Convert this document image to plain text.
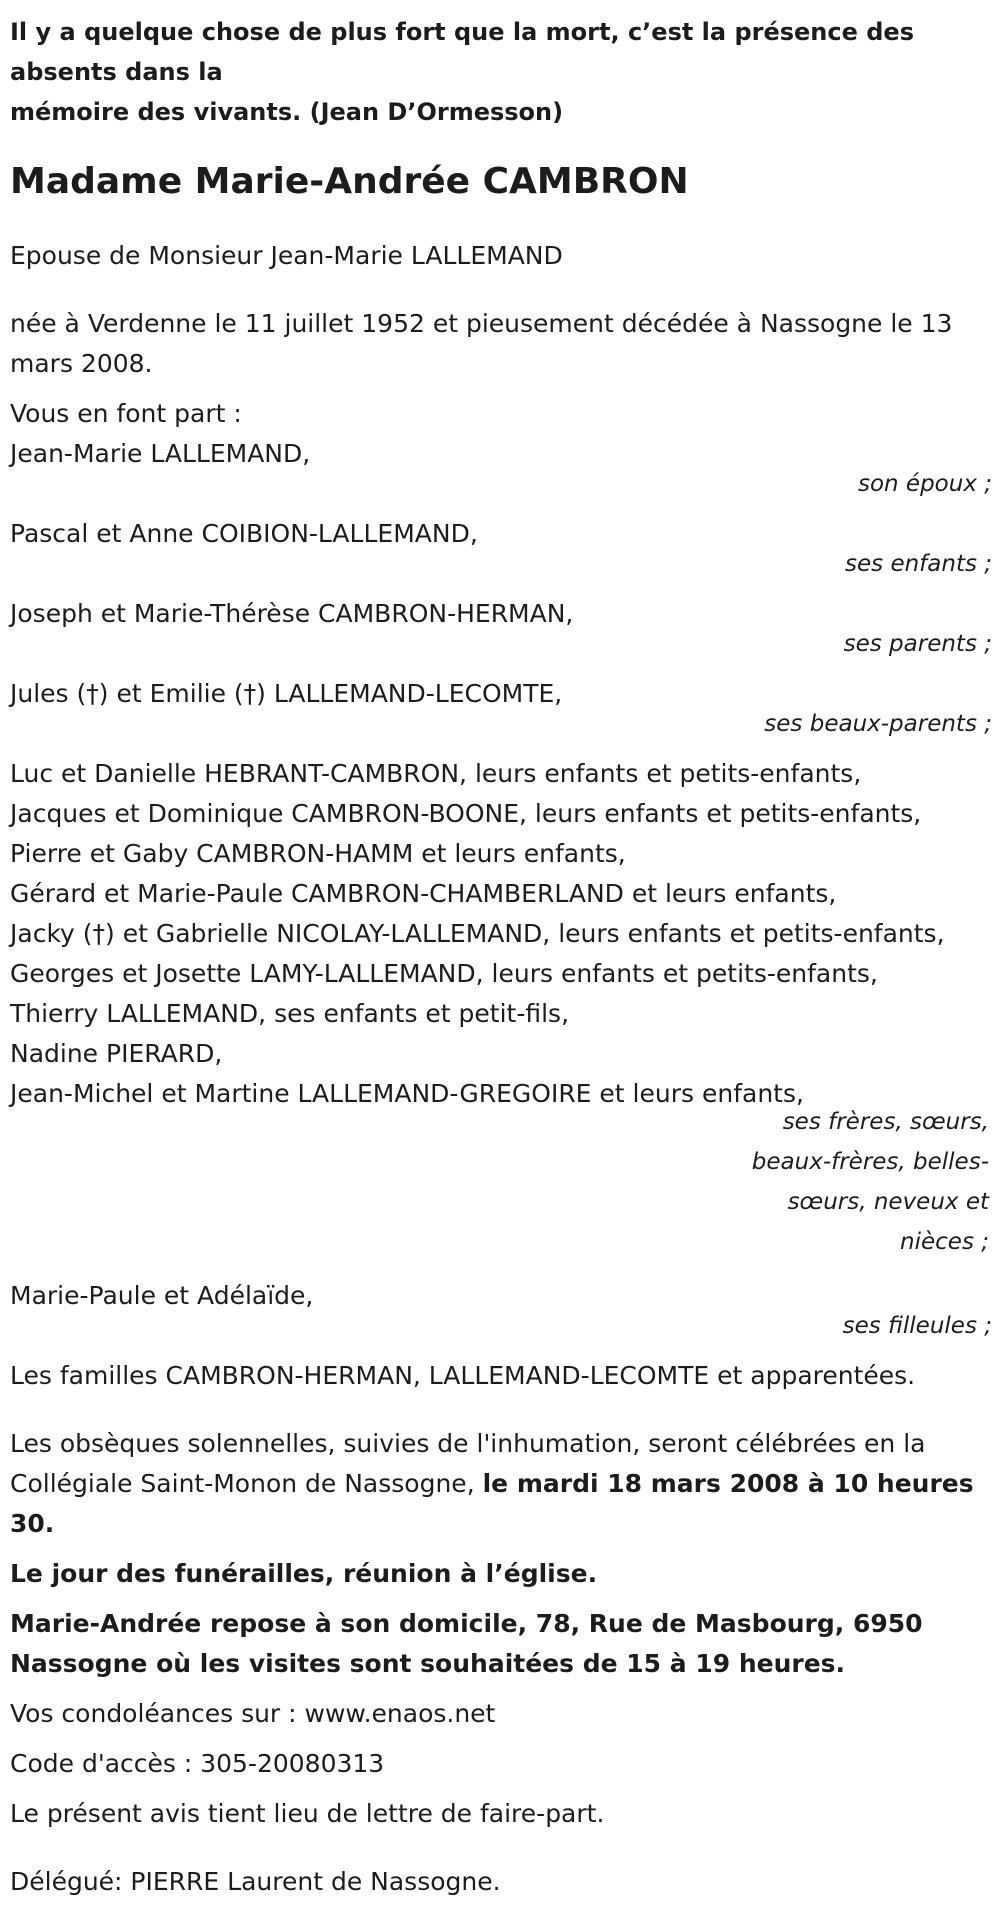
Il y a quelque chose de plus fort que la mort, c’est la présence des
absents dans la
mémoire des vivants. (Jean D’Ormesson)
Madame Marie-Andrée CAMBRON

Epouse de Monsieur Jean-Marie LALLEMAND

née à Verdenne le 11 juillet 1952 et pieusement décédée à Nassogne le 13 mars 2008.

Vous en font part :

Jean-Marie LALLEMAND,

son époux ;

Pascal et Anne COIBION-LALLEMAND,

ses enfants ;

Joseph et Marie-Thérèse CAMBRON-HERMAN,

ses parents ;

Jules (†) et Emilie (†) LALLEMAND-LECOMTE,

ses beaux-parents ;

Luc et Danielle HEBRANT-CAMBRON, leurs enfants et petits-enfants,

Jacques et Dominique CAMBRON-BOONE, leurs enfants et petits-enfants,

Pierre et Gaby CAMBRON-HAMM et leurs enfants,

Gérard et Marie-Paule CAMBRON-CHAMBERLAND et leurs enfants,

Jacky (†) et Gabrielle NICOLAY-LALLEMAND, leurs enfants et petits-enfants,

Georges et Josette LAMY-LALLEMAND, leurs enfants et petits-enfants,

Thierry LALLEMAND, ses enfants et petit-fils,

Nadine PIERARD,

Jean-Michel et Martine LALLEMAND-GREGOIRE et leurs enfants,

ses frères, sœurs, beaux-frères, belles-sœurs, neveux et nièces ;

Marie-Paule et Adélaïde,

ses filleules ;

Les familles CAMBRON-HERMAN, LALLEMAND-LECOMTE et apparentées.

Les obsèques solennelles, suivies de l'inhumation, seront célébrées en la Collégiale Saint-Monon de Nassogne, le mardi 18 mars 2008 à 10 heures 30.

Le jour des funérailles, réunion à l’église.

Marie-Andrée repose à son domicile, 78, Rue de Masbourg, 6950 Nassogne où les visites sont souhaitées de 15 à 19 heures.

Vos condoléances sur : www.enaos.net

Code d'accès : 305-20080313

Le présent avis tient lieu de lettre de faire-part.

Délégué: PIERRE Laurent de Nassogne.
